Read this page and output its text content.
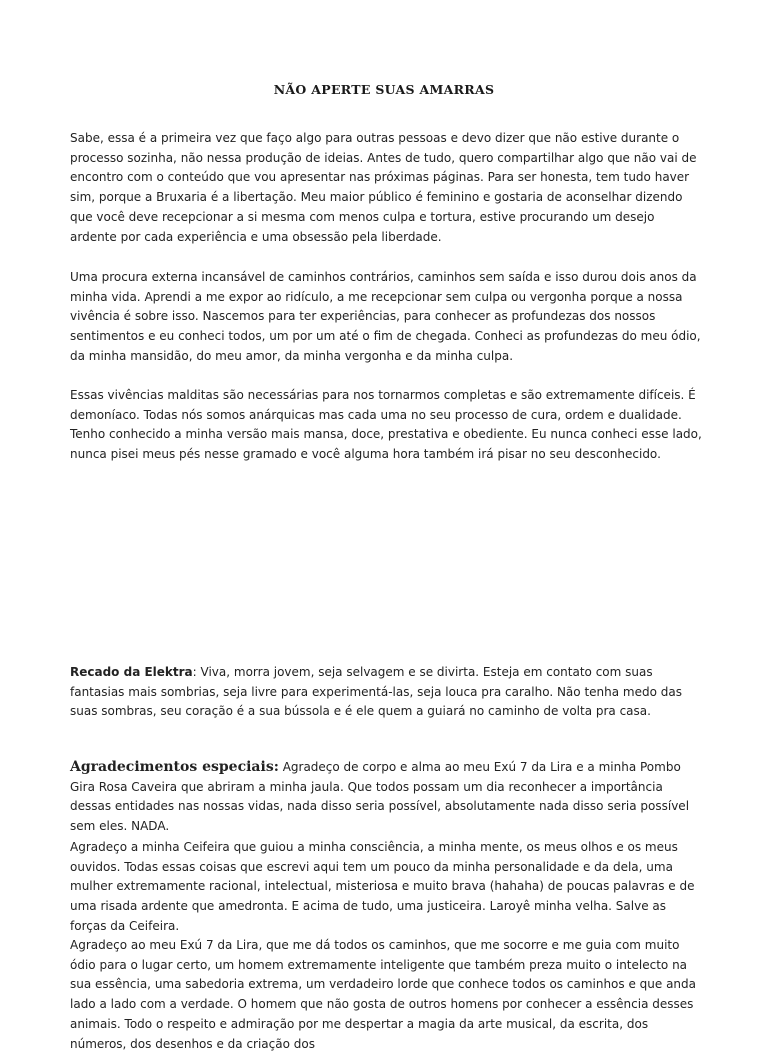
NÃO APERTE SUAS AMARRAS

Sabe, essa é a primeira vez que faço algo para outras pessoas e devo dizer que não estive durante o processo sozinha, não nessa produção de ideias. Antes de tudo, quero compartilhar algo que não vai de encontro com o conteúdo que vou apresentar nas próximas páginas. Para ser honesta, tem tudo haver sim, porque a Bruxaria é a libertação. Meu maior público é feminino e gostaria de aconselhar dizendo que você deve recepcionar a si mesma com menos culpa e tortura, estive procurando um desejo ardente por cada experiência e uma obsessão pela liberdade.

Uma procura externa incansável de caminhos contrários, caminhos sem saída e isso durou dois anos da minha vida. Aprendi a me expor ao ridículo, a me recepcionar sem culpa ou vergonha porque a nossa vivência é sobre isso. Nascemos para ter experiências, para conhecer as profundezas dos nossos sentimentos e eu conheci todos, um por um até o fim de chegada. Conheci as profundezas do meu ódio, da minha mansidão, do meu amor, da minha vergonha e da minha culpa.

Essas vivências malditas são necessárias para nos tornarmos completas e são extremamente difíceis. É demoníaco. Todas nós somos anárquicas mas cada uma no seu processo de cura, ordem e dualidade. Tenho conhecido a minha versão mais mansa, doce, prestativa e obediente. Eu nunca conheci esse lado, nunca pisei meus pés nesse gramado e você alguma hora também irá pisar no seu desconhecido.

Recado da Elektra: Viva, morra jovem, seja selvagem e se divirta. Esteja em contato com suas fantasias mais sombrias, seja livre para experimentá-las, seja louca pra caralho. Não tenha medo das suas sombras, seu coração é a sua bússola e é ele quem a guiará no caminho de volta pra casa.

Agradecimentos especiais: Agradeço de corpo e alma ao meu Exú 7 da Lira e a minha Pombo Gira Rosa Caveira que abriram a minha jaula. Que todos possam um dia reconhecer a importância dessas entidades nas nossas vidas, nada disso seria possível, absolutamente nada disso seria possível sem eles. NADA.

Agradeço a minha Ceifeira que guiou a minha consciência, a minha mente, os meus olhos e os meus ouvidos. Todas essas coisas que escrevi aqui tem um pouco da minha personalidade e da dela, uma mulher extremamente racional, intelectual, misteriosa e muito brava (hahaha) de poucas palavras e de uma risada ardente que amedronta. E acima de tudo, uma justiceira. Laroyê minha velha. Salve as forças da Ceifeira.

Agradeço ao meu Exú 7 da Lira, que me dá todos os caminhos, que me socorre e me guia com muito ódio para o lugar certo, um homem extremamente inteligente que também preza muito o intelecto na sua essência, uma sabedoria extrema, um verdadeiro lorde que conhece todos os caminhos e que anda lado a lado com a verdade. O homem que não gosta de outros homens por conhecer a essência desses animais. Todo o respeito e admiração por me despertar a magia da arte musical, da escrita, dos números, dos desenhos e da criação dos
